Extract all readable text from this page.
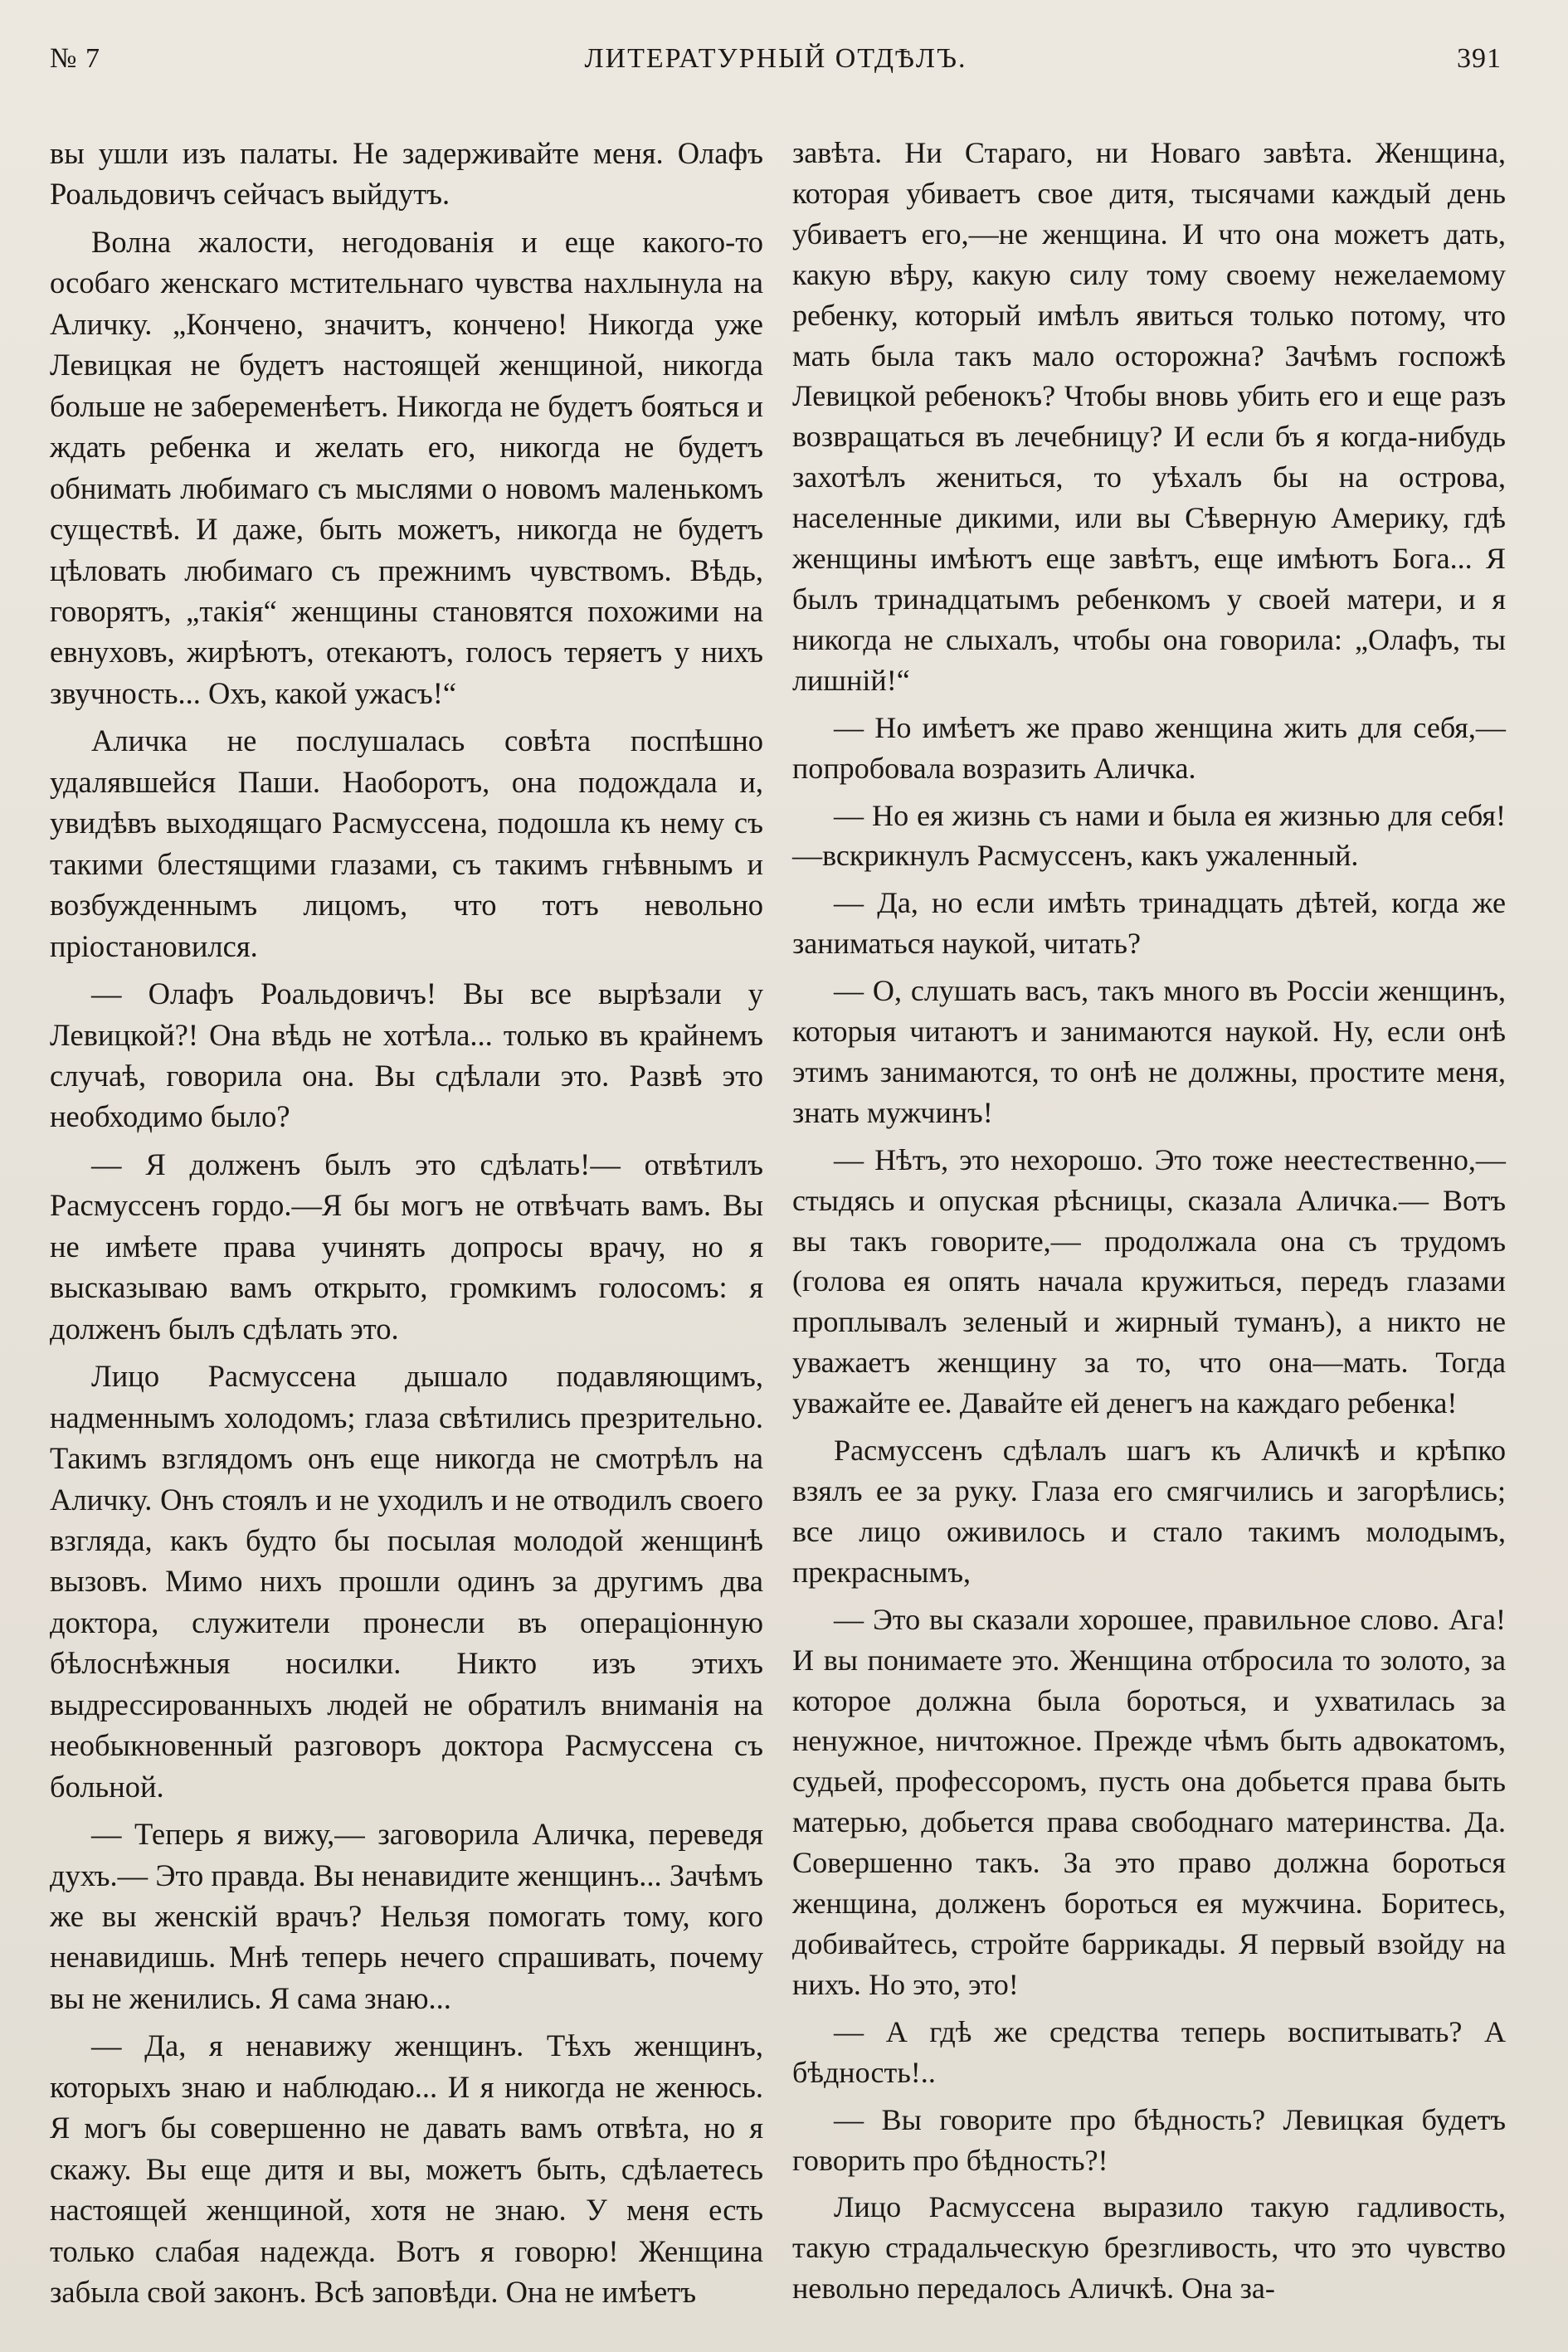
№ 7	ЛИТЕРАТУРНЫЙ ОТДѢЛЪ.	391

вы ушли изъ палаты. Не задерживайте меня. Олафъ Роальдовичъ сейчасъ выйдутъ.

Волна жалости, негодованія и еще какого-то особаго женскаго мстительнаго чувства нахлынула на Аличку. „Кончено, значитъ, кончено! Никогда уже Левицкая не будетъ настоящей женщиной, никогда больше не забеременѣетъ. Никогда не будетъ бояться и ждать ребенка и желать его, никогда не будетъ обнимать любимаго съ мыслями о новомъ маленькомъ существѣ. И даже, быть можетъ, никогда не будетъ цѣловать любимаго съ прежнимъ чувствомъ. Вѣдь, говорятъ, „такія“ женщины становятся похожими на евнуховъ, жирѣютъ, отекаютъ, голосъ теряетъ у нихъ звучность... Охъ, какой ужасъ!“

Аличка не послушалась совѣта поспѣшно удалявшейся Паши. Наоборотъ, она подождала и, увидѣвъ выходящаго Расмуссена, подошла къ нему съ такими блестящими глазами, съ такимъ гнѣвнымъ и возбужденнымъ лицомъ, что тотъ невольно пріостановился.

— Олафъ Роальдовичъ! Вы все вырѣзали у Левицкой?! Она вѣдь не хотѣла... только въ крайнемъ случаѣ, говорила она. Вы сдѣлали это. Развѣ это необходимо было?

— Я долженъ былъ это сдѣлать!— отвѣтилъ Расмуссенъ гордо.—Я бы могъ не отвѣчать вамъ. Вы не имѣете права учинять допросы врачу, но я высказываю вамъ открыто, громкимъ голосомъ: я долженъ былъ сдѣлать это.

Лицо Расмуссена дышало подавляющимъ, надменнымъ холодомъ; глаза свѣтились презрительно. Такимъ взглядомъ онъ еще никогда не смотрѣлъ на Аличку. Онъ стоялъ и не уходилъ и не отводилъ своего взгляда, какъ будто бы посылая молодой женщинѣ вызовъ. Мимо нихъ прошли одинъ за другимъ два доктора, служители пронесли въ операціонную бѣлоснѣжныя носилки. Никто изъ этихъ выдрессированныхъ людей не обратилъ вниманія на необыкновенный разговоръ доктора Расмуссена съ больной.

— Теперь я вижу,— заговорила Аличка, переведя духъ.— Это правда. Вы ненавидите женщинъ... Зачѣмъ же вы женскій врачъ? Нельзя помогать тому, кого ненавидишь. Мнѣ теперь нечего спрашивать, почему вы не женились. Я сама знаю...

— Да, я ненавижу женщинъ. Тѣхъ женщинъ, которыхъ знаю и наблюдаю... И я никогда не женюсь. Я могъ бы совершенно не давать вамъ отвѣта, но я скажу. Вы еще дитя и вы, можетъ быть, сдѣлаетесь настоящей женщиной, хотя не знаю. У меня есть только слабая надежда. Вотъ я говорю! Женщина забыла свой законъ. Всѣ заповѣди. Она не имѣетъ

завѣта. Ни Стараго, ни Новаго завѣта. Женщина, которая убиваетъ свое дитя, тысячами каждый день убиваетъ его,—не женщина. И что она можетъ дать, какую вѣру, какую силу тому своему нежелаемому ребенку, который имѣлъ явиться только потому, что мать была такъ мало осторожна? Зачѣмъ госпожѣ Левицкой ребенокъ? Чтобы вновь убить его и еще разъ возвращаться въ лечебницу? И если бъ я когда-нибудь захотѣлъ жениться, то уѣхалъ бы на острова, населенные дикими, или вы Сѣверную Америку, гдѣ женщины имѣютъ еще завѣтъ, еще имѣютъ Бога... Я былъ тринадцатымъ ребенкомъ у своей матери, и я никогда не слыхалъ, чтобы она говорила: „Олафъ, ты лишній!“

— Но имѣетъ же право женщина жить для себя,—попробовала возразить Аличка.

— Но ея жизнь съ нами и была ея жизнью для себя!—вскрикнулъ Расмуссенъ, какъ ужаленный.

— Да, но если имѣть тринадцать дѣтей, когда же заниматься наукой, читать?

— О, слушать васъ, такъ много въ Россіи женщинъ, которыя читаютъ и занимаются наукой. Ну, если онѣ этимъ занимаются, то онѣ не должны, простите меня, знать мужчинъ!

— Нѣтъ, это нехорошо. Это тоже неестественно,— стыдясь и опуская рѣсницы, сказала Аличка.— Вотъ вы такъ говорите,— продолжала она съ трудомъ (голова ея опять начала кружиться, передъ глазами проплывалъ зеленый и жирный туманъ), а никто не уважаетъ женщину за то, что она—мать. Тогда уважайте ее. Давайте ей денегъ на каждаго ребенка!

Расмуссенъ сдѣлалъ шагъ къ Аличкѣ и крѣпко взялъ ее за руку. Глаза его смягчились и загорѣлись; все лицо оживилось и стало такимъ молодымъ, прекраснымъ,

— Это вы сказали хорошее, правильное слово. Ага! И вы понимаете это. Женщина отбросила то золото, за которое должна была бороться, и ухватилась за ненужное, ничтожное. Прежде чѣмъ быть адвокатомъ, судьей, профессоромъ, пусть она добьется права быть матерью, добьется права свободнаго материнства. Да. Совершенно такъ. За это право должна бороться женщина, долженъ бороться ея мужчина. Боритесь, добивайтесь, стройте баррикады. Я первый взойду на нихъ. Но это, это!

— А гдѣ же средства теперь воспитывать? А бѣдность!..

— Вы говорите про бѣдность? Левицкая будетъ говорить про бѣдность?!

Лицо Расмуссена выразило такую гадливость, такую страдальческую брезгливость, что это чувство невольно передалось Аличкѣ. Она за-
